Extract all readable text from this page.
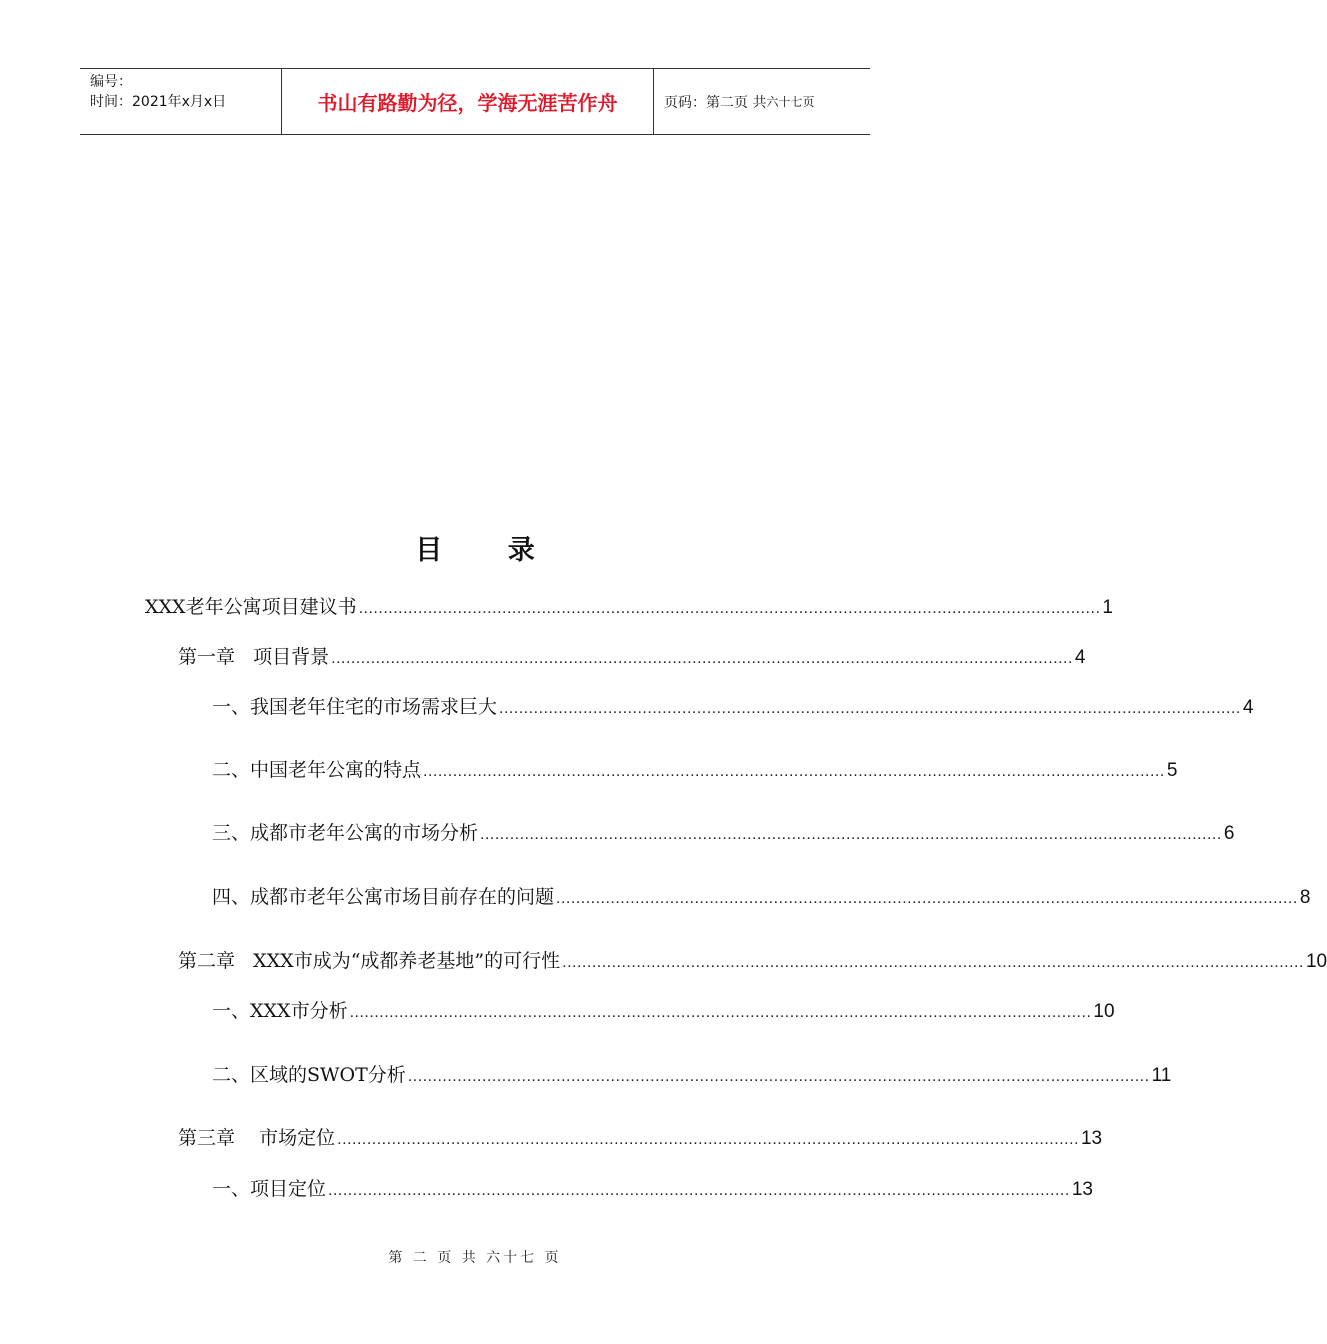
编号：
时间：2021年x月x日	书山有路勤为径，学海无涯苦作舟	页码：第二页 共 六十七页
目 录
XXX老年公寓项目建议书 ...................................................................................................................................................... 1
第一章   项目背景 ...................................................................................................................................................... 4
一、我国老年住宅的市场需求巨大 ...................................................................................................................................................... 4
二、中国老年公寓的特点 ...................................................................................................................................................... 5
三、成都市老年公寓的市场分析 ...................................................................................................................................................... 6
四、成都市老年公寓市场目前存在的问题 ...................................................................................................................................................... 8
第二章   XXX市成为“成都养老基地”的可行性 ...................................................................................................................................................... 10
一、XXX市分析 ...................................................................................................................................................... 10
二、区域的SWOT分析 ...................................................................................................................................................... 11
第三章    市场定位 ...................................................................................................................................................... 13
一、项目定位 ...................................................................................................................................................... 13
第 二 页 共 六十七 页
